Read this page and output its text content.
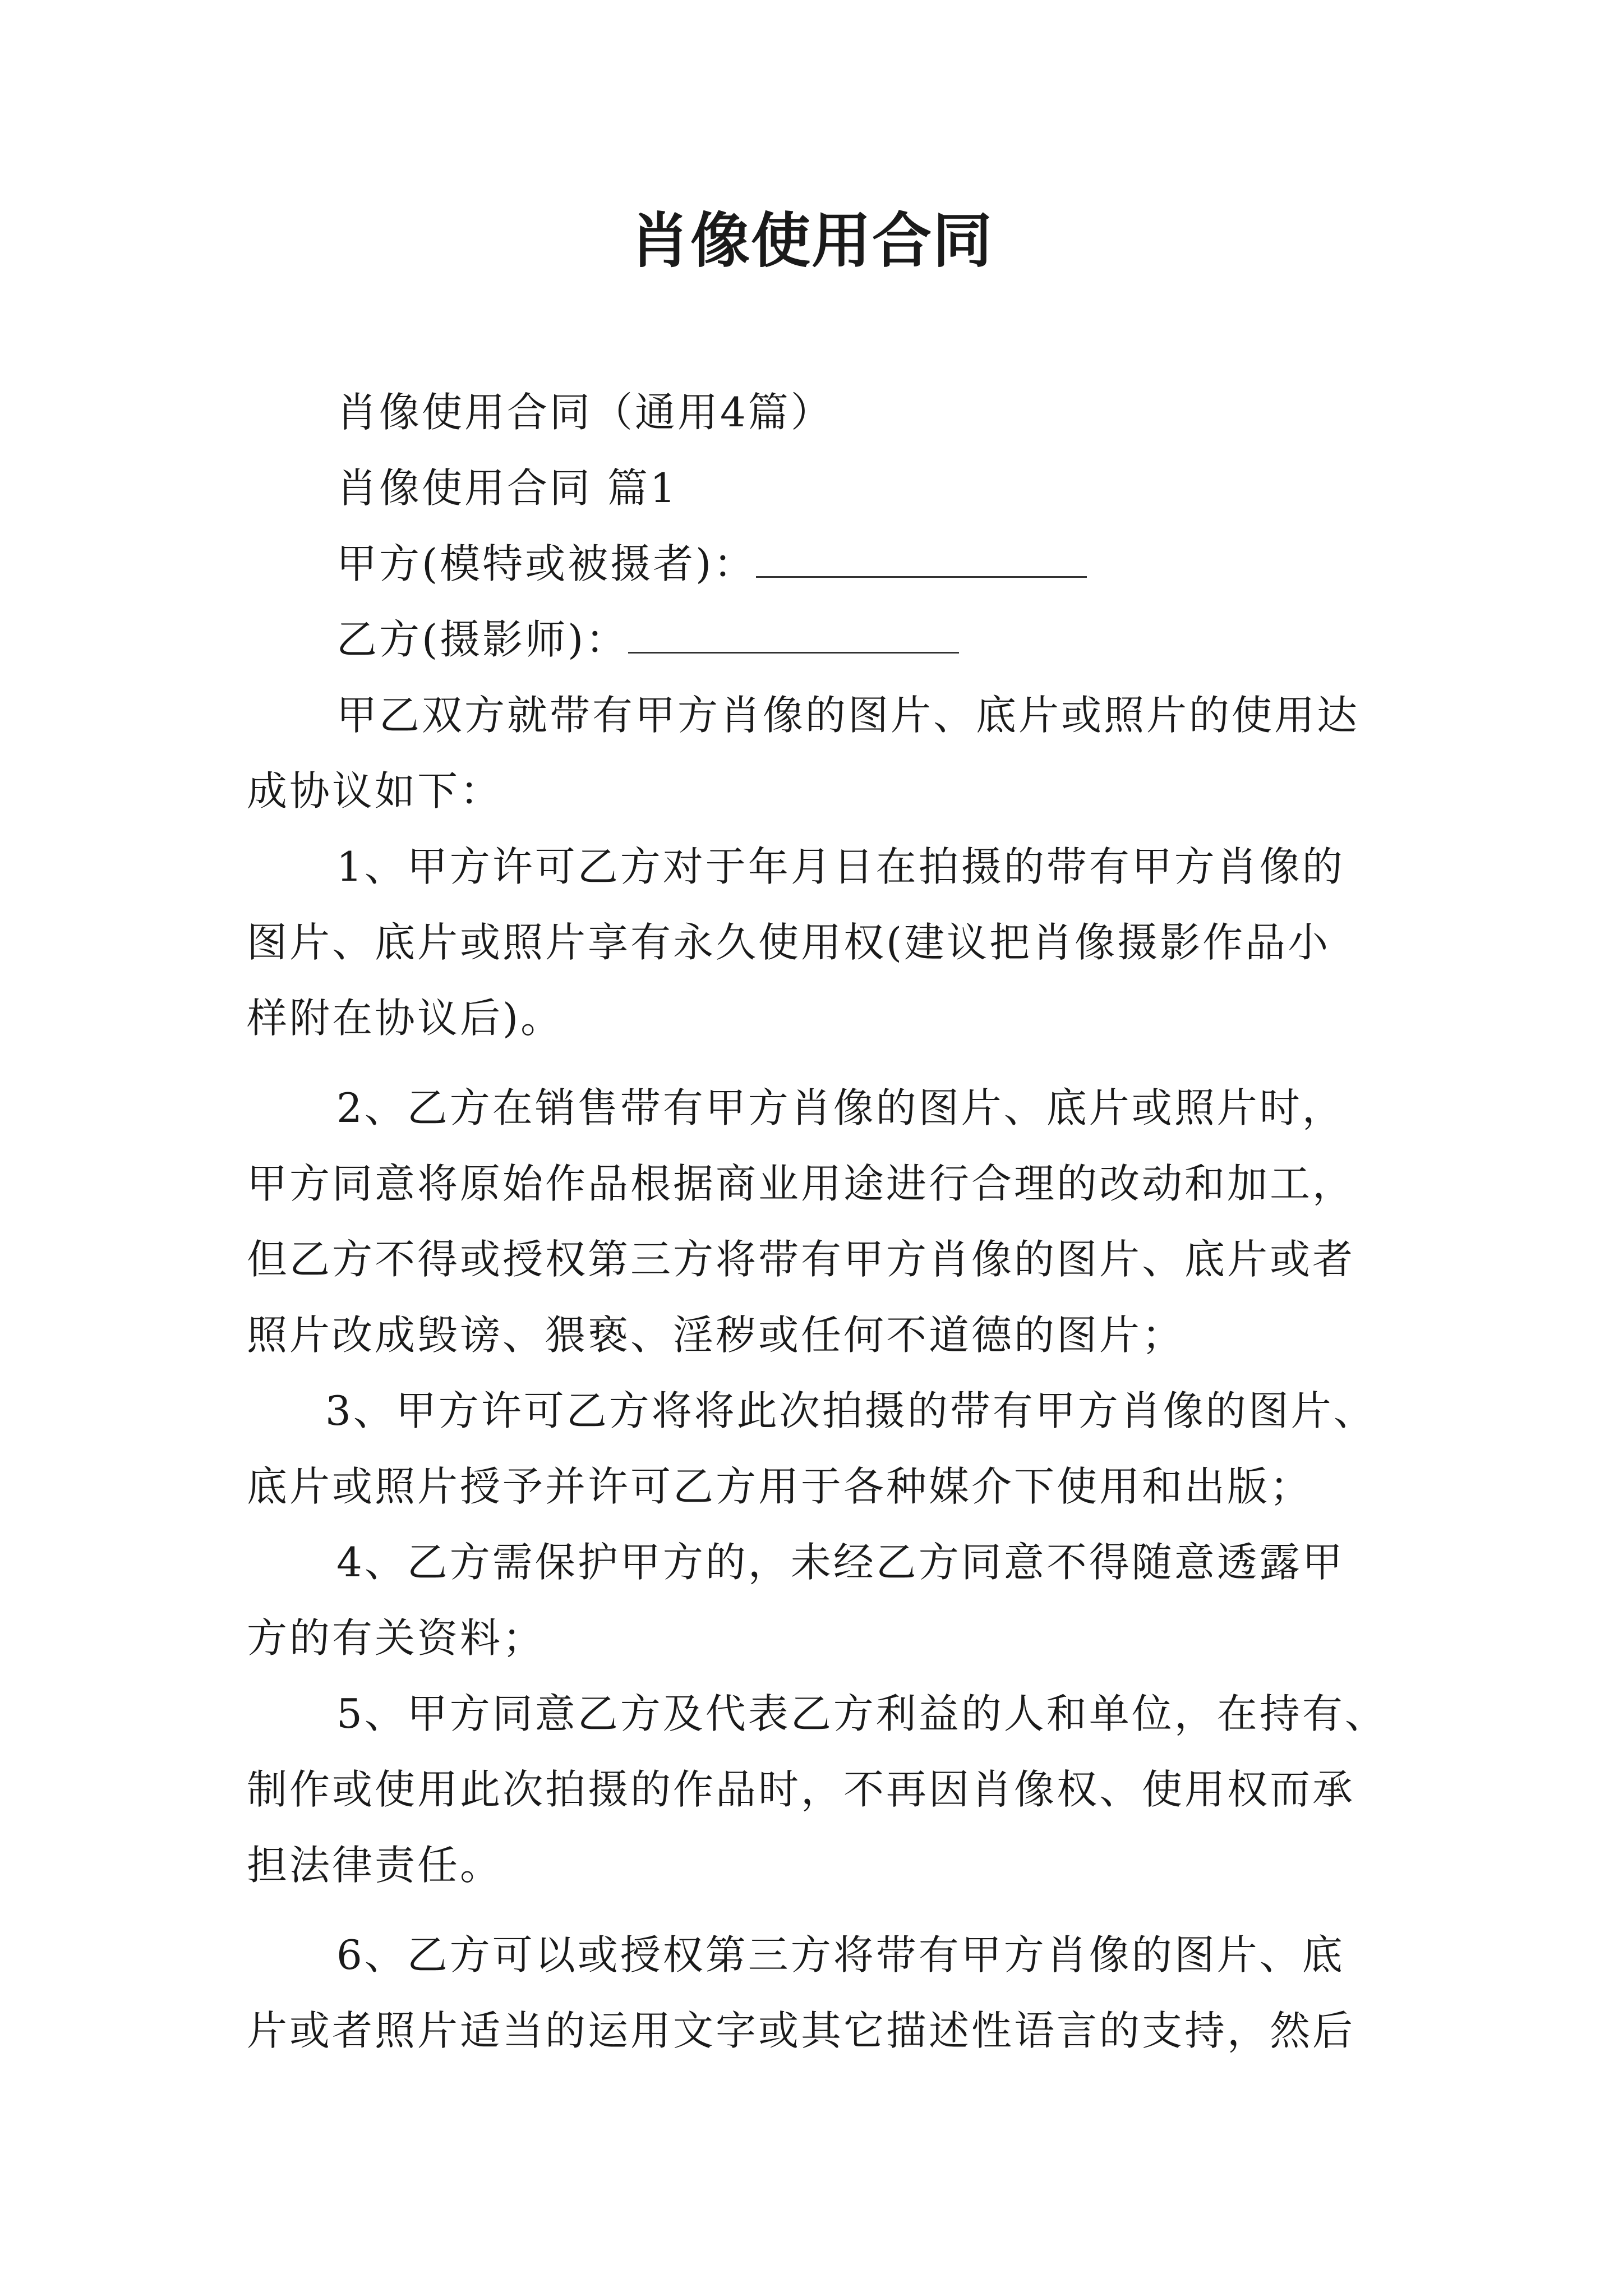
肖像使用合同

肖像使用合同（通用4篇）

肖像使用合同 篇1

甲方(模特或被摄者)：

乙方(摄影师)：

甲乙双方就带有甲方肖像的图片、底片或照片的使用达

成协议如下：

1、甲方许可乙方对于年月日在拍摄的带有甲方肖像的

图片、底片或照片享有永久使用权(建议把肖像摄影作品小

样附在协议后)。

2、乙方在销售带有甲方肖像的图片、底片或照片时，

甲方同意将原始作品根据商业用途进行合理的改动和加工，

但乙方不得或授权第三方将带有甲方肖像的图片、底片或者

照片改成毁谤、猥亵、淫秽或任何不道德的图片；

3、甲方许可乙方将将此次拍摄的带有甲方肖像的图片、

底片或照片授予并许可乙方用于各种媒介下使用和出版；

4、乙方需保护甲方的，未经乙方同意不得随意透露甲

方的有关资料；

5、甲方同意乙方及代表乙方利益的人和单位，在持有、

制作或使用此次拍摄的作品时，不再因肖像权、使用权而承

担法律责任。

6、乙方可以或授权第三方将带有甲方肖像的图片、底

片或者照片适当的运用文字或其它描述性语言的支持，然后
